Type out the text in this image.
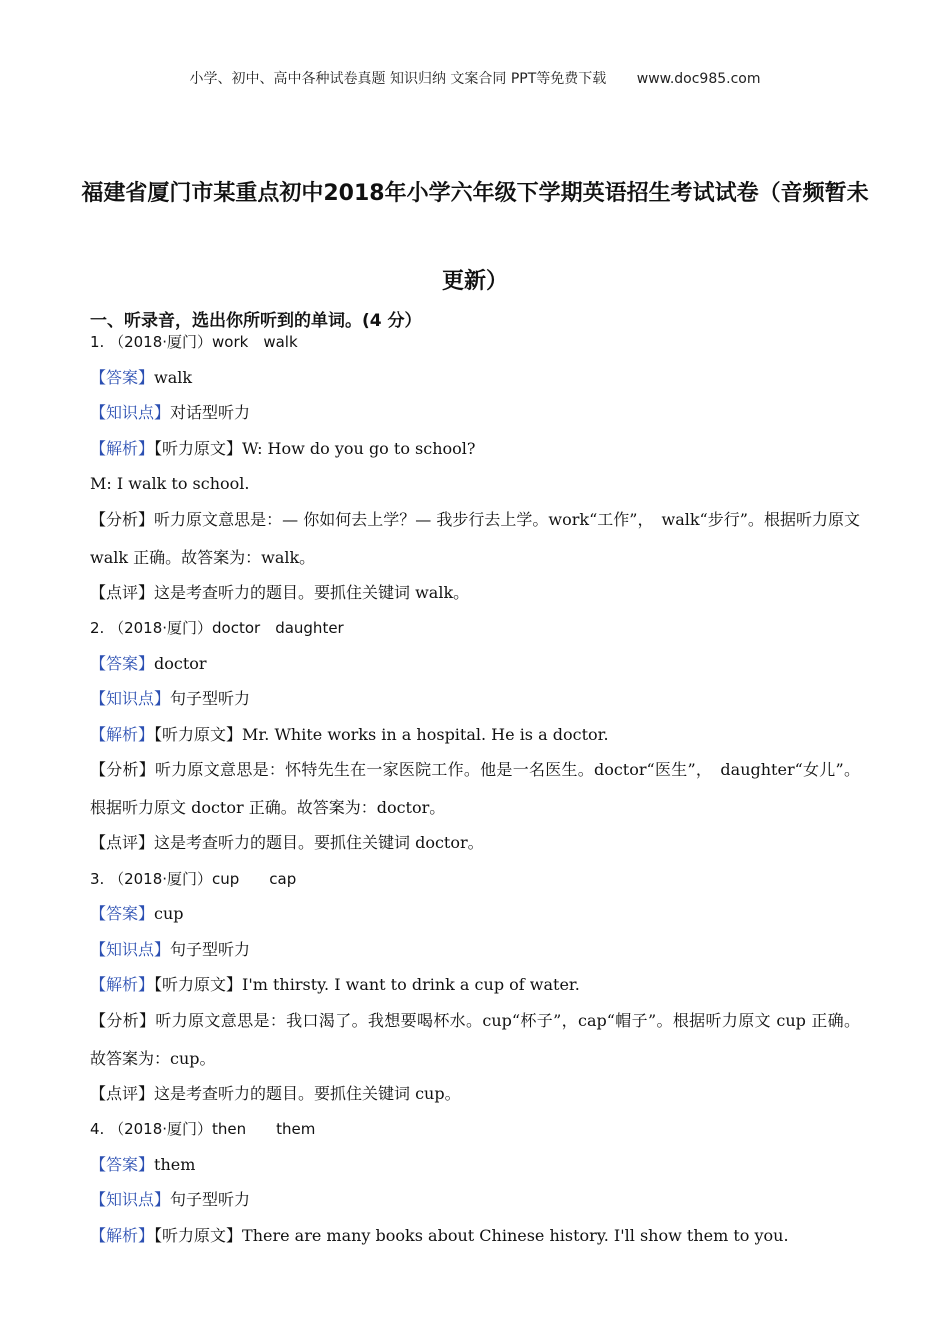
小学、初中、高中各种试卷真题 知识归纳 文案合同 PPT等免费下载 www.doc985.com
福建省厦门市某重点初中2018年小学六年级下学期英语招生考试试卷（音频暂未更新）
一、听录音，选出你所听到的单词。(4 分）
1. （2018·厦门）work　walk
【答案】walk
【知识点】对话型听力
【解析】【听力原文】W: How do you go to school?
M: I walk to school.
【分析】听力原文意思是：— 你如何去上学？— 我步行去上学。work“工作”，　walk“步行”。根据听力原文 walk 正确。故答案为：walk。
【点评】这是考查听力的题目。要抓住关键词 walk。
2. （2018·厦门）doctor　daughter
【答案】doctor
【知识点】句子型听力
【解析】【听力原文】Mr. White works in a hospital. He is a doctor.
【分析】听力原文意思是：怀特先生在一家医院工作。他是一名医生。doctor“医生”，　daughter“女儿”。根据听力原文 doctor 正确。故答案为：doctor。
【点评】这是考查听力的题目。要抓住关键词 doctor。
3. （2018·厦门）cup　　cap
【答案】cup
【知识点】句子型听力
【解析】【听力原文】I'm thirsty. I want to drink a cup of water.
【分析】听力原文意思是：我口渴了。我想要喝杯水。cup“杯子”，cap“帽子”。根据听力原文 cup 正确。故答案为：cup。
【点评】这是考查听力的题目。要抓住关键词 cup。
4. （2018·厦门）then　　them
【答案】them
【知识点】句子型听力
【解析】【听力原文】There are many books about Chinese history. I'll show them to you.
